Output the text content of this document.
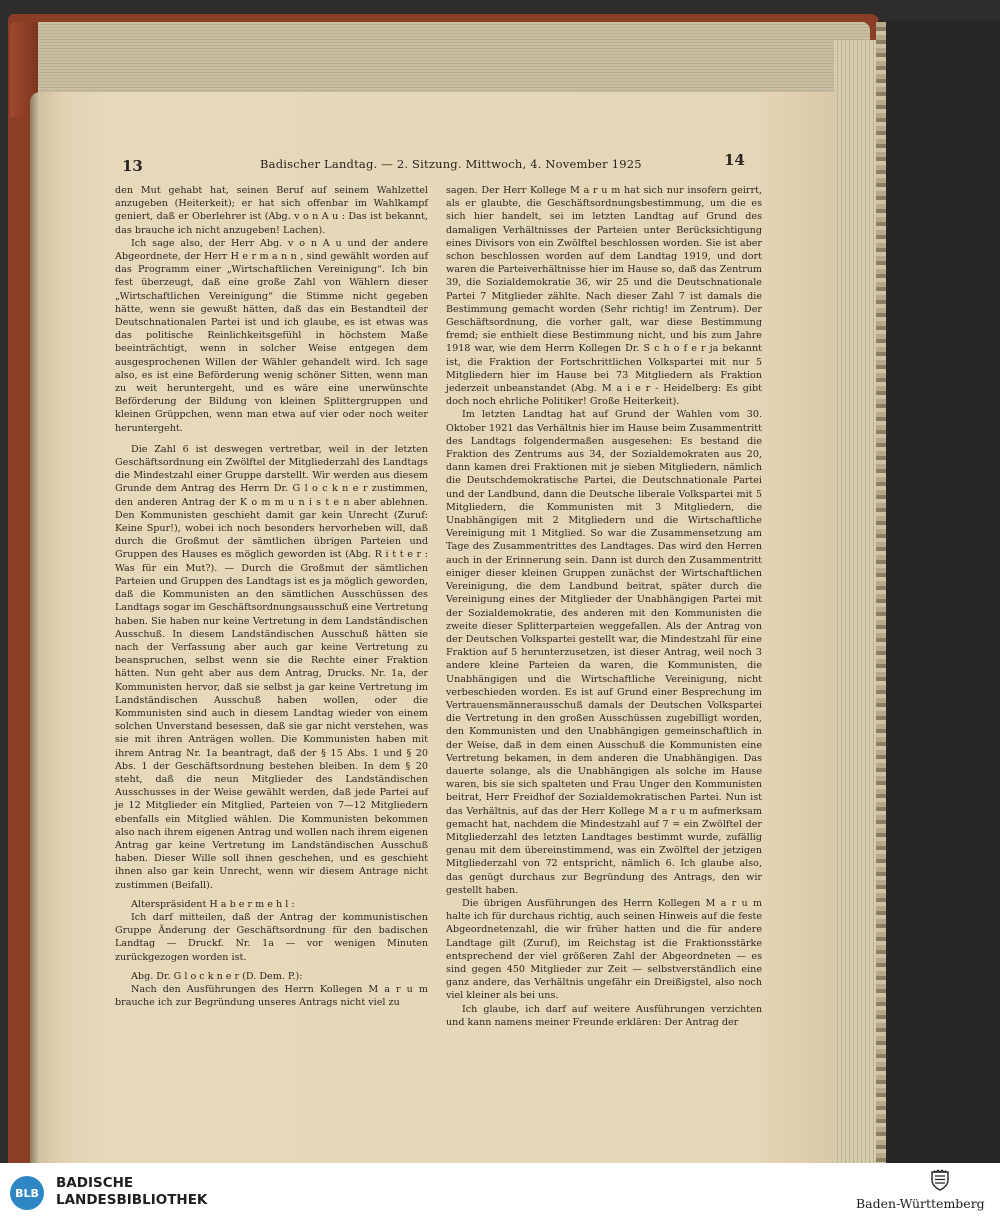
13	Badischer Landtag. — 2. Sitzung. Mittwoch, 4. November 1925	14

den Mut gehabt hat, seinen Beruf auf seinem Wahlzettel anzugeben (Heiterkeit); er hat sich offenbar im Wahlkampf geniert, daß er Oberlehrer ist (Abg. v o n A u : Das ist bekannt, das brauche ich nicht anzugeben! Lachen).

Ich sage also, der Herr Abg. v o n A u und der andere Abgeordnete, der Herr H e r m a n n , sind gewählt worden auf das Programm einer „Wirtschaftlichen Vereinigung“. Ich bin fest überzeugt, daß eine große Zahl von Wählern dieser „Wirtschaftlichen Vereinigung“ die Stimme nicht gegeben hätte, wenn sie gewußt hätten, daß das ein Bestandteil der Deutschnationalen Partei ist und ich glaube, es ist etwas was das politische Reinlichkeitsgefühl in höchstem Maße beeinträchtigt, wenn in solcher Weise entgegen dem ausgesprochenen Willen der Wähler gehandelt wird. Ich sage also, es ist eine Beförderung wenig schöner Sitten, wenn man zu weit heruntergeht, und es wäre eine unerwünschte Beförderung der Bildung von kleinen Splittergruppen und kleinen Grüppchen, wenn man etwa auf vier oder noch weiter heruntergeht.

Die Zahl 6 ist deswegen vertretbar, weil in der letzten Geschäftsordnung ein Zwölftel der Mitgliederzahl des Landtags die Mindestzahl einer Gruppe darstellt. Wir werden aus diesem Grunde dem Antrag des Herrn Dr. G l o c k n e r zustimmen, den anderen Antrag der K o m m u n i s t e n aber ablehnen. Den Kommunisten geschieht damit gar kein Unrecht (Zuruf: Keine Spur!), wobei ich noch besonders hervorheben will, daß durch die Großmut der sämtlichen übrigen Parteien und Gruppen des Hauses es möglich geworden ist (Abg. R i t t e r : Was für ein Mut?). — Durch die Großmut der sämtlichen Parteien und Gruppen des Landtags ist es ja möglich geworden, daß die Kommunisten an den sämtlichen Ausschüssen des Landtags sogar im Geschäftsordnungsausschuß eine Vertretung haben. Sie haben nur keine Vertretung in dem Landständischen Ausschuß. In diesem Landständischen Ausschuß hätten sie nach der Verfassung aber auch gar keine Vertretung zu beanspruchen, selbst wenn sie die Rechte einer Fraktion hätten. Nun geht aber aus dem Antrag, Drucks. Nr. 1a, der Kommunisten hervor, daß sie selbst ja gar keine Vertretung im Landständischen Ausschuß haben wollen, oder die Kommunisten sind auch in diesem Landtag wieder von einem solchen Unverstand besessen, daß sie gar nicht verstehen, was sie mit ihren Anträgen wollen. Die Kommunisten haben mit ihrem Antrag Nr. 1a beantragt, daß der § 15 Abs. 1 und § 20 Abs. 1 der Geschäftsordnung bestehen bleiben. In dem § 20 steht, daß die neun Mitglieder des Landständischen Ausschusses in der Weise gewählt werden, daß jede Partei auf je 12 Mitglieder ein Mitglied, Parteien von 7—12 Mitgliedern ebenfalls ein Mitglied wählen. Die Kommunisten bekommen also nach ihrem eigenen Antrag und wollen nach ihrem eigenen Antrag gar keine Vertretung im Landständischen Ausschuß haben. Dieser Wille soll ihnen geschehen, und es geschieht ihnen also gar kein Unrecht, wenn wir diesem Antrage nicht zustimmen (Beifall).

Alterspräsident H a b e r m e h l :

Ich darf mitteilen, daß der Antrag der kommunistischen Gruppe Änderung der Geschäftsordnung für den badischen Landtag — Druckf. Nr. 1a — vor wenigen Minuten zurückgezogen worden ist.

Abg. Dr. G l o c k n e r (D. Dem. P.):

Nach den Ausführungen des Herrn Kollegen M a r u m brauche ich zur Begründung unseres Antrags nicht viel zu

sagen. Der Herr Kollege M a r u m hat sich nur insofern geirrt, als er glaubte, die Geschäftsordnungsbestimmung, um die es sich hier handelt, sei im letzten Landtag auf Grund des damaligen Verhältnisses der Parteien unter Berücksichtigung eines Divisors von ein Zwölftel beschlossen worden. Sie ist aber schon beschlossen worden auf dem Landtag 1919, und dort waren die Parteiverhältnisse hier im Hause so, daß das Zentrum 39, die Sozialdemokratie 36, wir 25 und die Deutschnationale Partei 7 Mitglieder zählte. Nach dieser Zahl 7 ist damals die Bestimmung gemacht worden (Sehr richtig! im Zentrum). Der Geschäftsordnung, die vorher galt, war diese Bestimmung fremd; sie enthielt diese Bestimmung nicht, und bis zum Jahre 1918 war, wie dem Herrn Kollegen Dr. S c h o f e r ja bekannt ist, die Fraktion der Fortschrittlichen Volkspartei mit nur 5 Mitgliedern hier im Hause bei 73 Mitgliedern als Fraktion jederzeit unbeanstandet (Abg. M a i e r - Heidelberg: Es gibt doch noch ehrliche Politiker! Große Heiterkeit).

Im letzten Landtag hat auf Grund der Wahlen vom 30. Oktober 1921 das Verhältnis hier im Hause beim Zusammentritt des Landtags folgendermaßen ausgesehen: Es bestand die Fraktion des Zentrums aus 34, der Sozialdemokraten aus 20, dann kamen drei Fraktionen mit je sieben Mitgliedern, nämlich die Deutschdemokratische Partei, die Deutschnationale Partei und der Landbund, dann die Deutsche liberale Volkspartei mit 5 Mitgliedern, die Kommunisten mit 3 Mitgliedern, die Unabhängigen mit 2 Mitgliedern und die Wirtschaftliche Vereinigung mit 1 Mitglied. So war die Zusammensetzung am Tage des Zusammentrittes des Landtages. Das wird den Herren auch in der Erinnerung sein. Dann ist durch den Zusammentritt einiger dieser kleinen Gruppen zunächst der Wirtschaftlichen Vereinigung, die dem Landbund beitrat, später durch die Vereinigung eines der Mitglieder der Unabhängigen Partei mit der Sozialdemokratie, des anderen mit den Kommunisten die zweite dieser Splitterparteien weggefallen. Als der Antrag von der Deutschen Volkspartei gestellt war, die Mindestzahl für eine Fraktion auf 5 herunterzusetzen, ist dieser Antrag, weil noch 3 andere kleine Parteien da waren, die Kommunisten, die Unabhängigen und die Wirtschaftliche Vereinigung, nicht verbeschieden worden. Es ist auf Grund einer Besprechung im Vertrauensmännerausschuß damals der Deutschen Volkspartei die Vertretung in den großen Ausschüssen zugebilligt worden, den Kommunisten und den Unabhängigen gemeinschaftlich in der Weise, daß in dem einen Ausschuß die Kommunisten eine Vertretung bekamen, in dem anderen die Unabhängigen. Das dauerte solange, als die Unabhängigen als solche im Hause waren, bis sie sich spalteten und Frau Unger den Kommunisten beitrat, Herr Freidhof der Sozialdemokratischen Partei. Nun ist das Verhältnis, auf das der Herr Kollege M a r u m aufmerksam gemacht hat, nachdem die Mindestzahl auf 7 = ein Zwölftel der Mitgliederzahl des letzten Landtages bestimmt wurde, zufällig genau mit dem übereinstimmend, was ein Zwölftel der jetzigen Mitgliederzahl von 72 entspricht, nämlich 6. Ich glaube also, das genügt durchaus zur Begründung des Antrags, den wir gestellt haben.

Die übrigen Ausführungen des Herrn Kollegen M a r u m halte ich für durchaus richtig, auch seinen Hinweis auf die feste Abgeordnetenzahl, die wir früher hatten und die für andere Landtage gilt (Zuruf), im Reichstag ist die Fraktionsstärke entsprechend der viel größeren Zahl der Abgeordneten — es sind gegen 450 Mitglieder zur Zeit — selbstverständlich eine ganz andere, das Verhältnis ungefähr ein Dreißigstel, also noch viel kleiner als bei uns.

Ich glaube, ich darf auf weitere Ausführungen verzichten und kann namens meiner Freunde erklären: Der Antrag der

BLB
BADISCHE
LANDESBIBLIOTHEK	Baden-Württemberg
